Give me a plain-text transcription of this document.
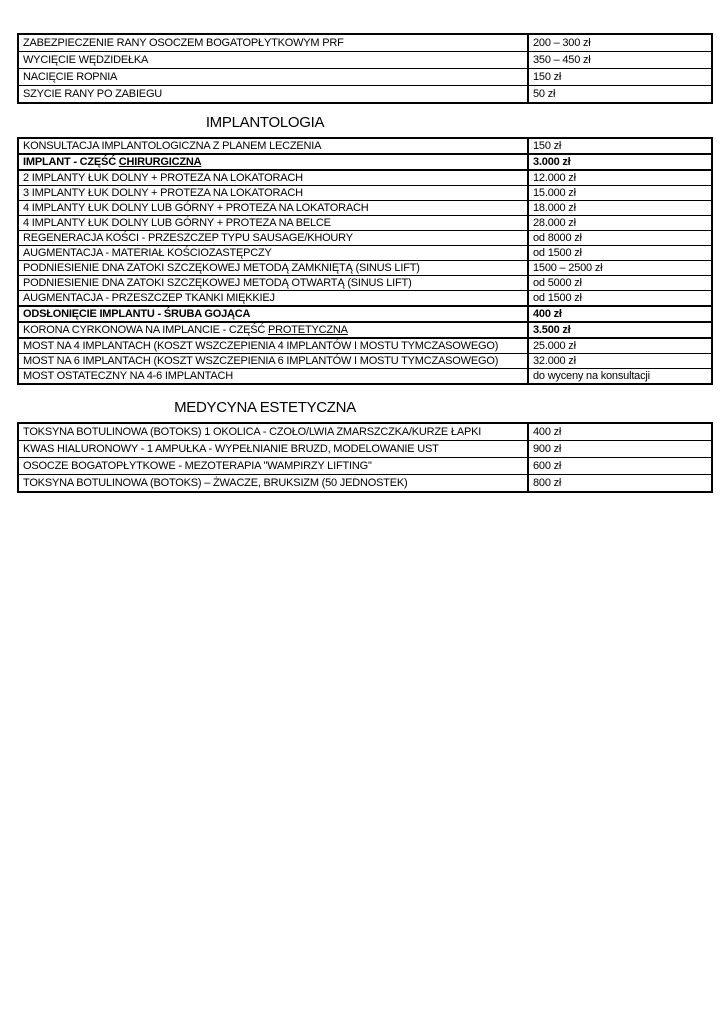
ZABEZPIECZENIE RANY OSOCZEM BOGATOPŁYTKOWYM PRF	200 – 300 zł
WYCIĘCIE WĘDZIDEŁKA	350 – 450 zł
NACIĘCIE ROPNIA	150 zł
SZYCIE RANY PO ZABIEGU	50 zł
IMPLANTOLOGIA
KONSULTACJA IMPLANTOLOGICZNA Z PLANEM LECZENIA	150 zł
IMPLANT - CZĘŚĆ CHIRURGICZNA	3.000 zł
2 IMPLANTY ŁUK DOLNY + PROTEZA NA LOKATORACH	12.000 zł
3 IMPLANTY ŁUK DOLNY + PROTEZA NA LOKATORACH	15.000 zł
4 IMPLANTY ŁUK DOLNY LUB GÓRNY + PROTEZA NA LOKATORACH	18.000 zł
4 IMPLANTY ŁUK DOLNY LUB GÓRNY + PROTEZA NA BELCE	28.000 zł
REGENERACJA KOŚCI - PRZESZCZEP TYPU SAUSAGE/KHOURY	od 8000 zł
AUGMENTACJA - MATERIAŁ KOŚCIOZASTĘPCZY	od 1500 zł
PODNIESIENIE DNA ZATOKI SZCZĘKOWEJ METODĄ ZAMKNIĘTĄ (SINUS LIFT)	1500 – 2500 zł
PODNIESIENIE DNA ZATOKI SZCZĘKOWEJ METODĄ OTWARTĄ (SINUS LIFT)	od 5000 zł
AUGMENTACJA - PRZESZCZEP TKANKI MIĘKKIEJ	od 1500 zł
ODSŁONIĘCIE IMPLANTU - ŚRUBA GOJĄCA	400 zł
KORONA CYRKONOWA NA IMPLANCIE - CZĘŚĆ PROTETYCZNA	3.500 zł
MOST NA 4 IMPLANTACH (KOSZT WSZCZEPIENIA 4 IMPLANTÓW I MOSTU TYMCZASOWEGO)	25.000 zł
MOST NA 6 IMPLANTACH (KOSZT WSZCZEPIENIA 6 IMPLANTÓW I MOSTU TYMCZASOWEGO)	32.000 zł
MOST OSTATECZNY NA 4-6 IMPLANTACH	do wyceny na konsultacji
MEDYCYNA ESTETYCZNA
TOKSYNA BOTULINOWA (BOTOKS) 1 OKOLICA - CZOŁO/LWIA ZMARSZCZKA/KURZE ŁAPKI	400 zł
KWAS HIALURONOWY - 1 AMPUŁKA - WYPEŁNIANIE BRUZD, MODELOWANIE UST	900 zł
OSOCZE BOGATOPŁYTKOWE - MEZOTERAPIA "WAMPIRZY LIFTING"	600 zł
TOKSYNA BOTULINOWA (BOTOKS) – ŻWACZE, BRUKSIZM (50 JEDNOSTEK)	800 zł
